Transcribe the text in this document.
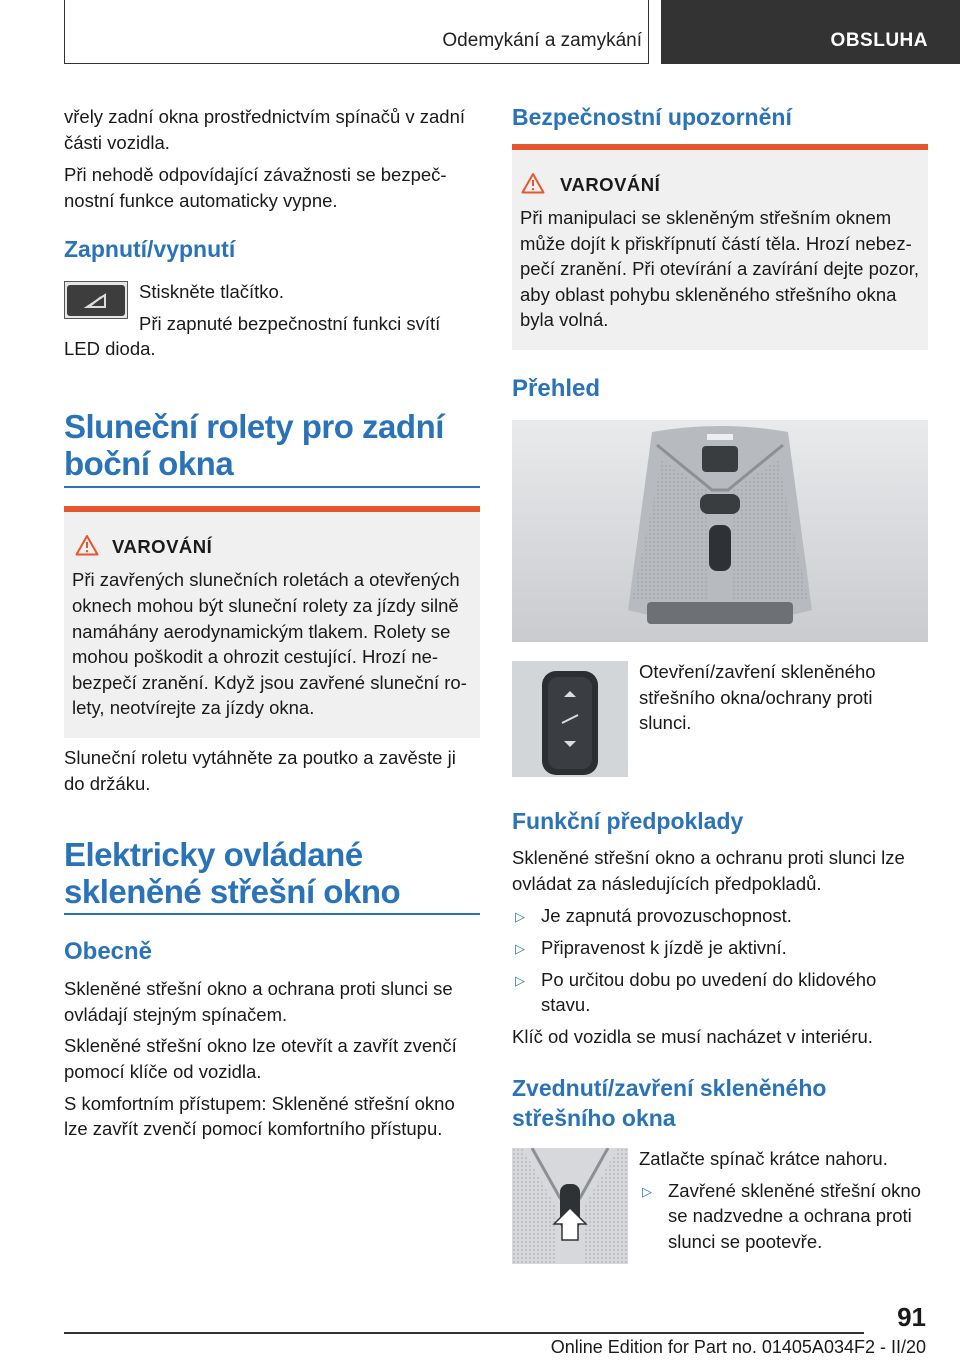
Odemykání a zamykání	OBSLUHA
vřely zadní okna prostřednictvím spínačů v zadní
části vozidla.
Při nehodě odpovídající závažnosti se bezpeč-
nostní funkce automaticky vypne.
Zapnutí/vypnutí
Stiskněte tlačítko.
Při zapnuté bezpečnostní funkci svítí
LED dioda.
Sluneční rolety pro zadní
boční okna
VAROVÁNÍ
Při zavřených slunečních roletách a otevřených
oknech mohou být sluneční rolety za jízdy silně
namáhány aerodynamickým tlakem. Rolety se
mohou poškodit a ohrozit cestující. Hrozí ne-
bezpečí zranění. Když jsou zavřené sluneční ro-
lety, neotvírejte za jízdy okna.
Sluneční roletu vytáhněte za poutko a zavěste ji
do držáku.
Elektricky ovládané
skleněné střešní okno
Obecně
Skleněné střešní okno a ochrana proti slunci se
ovládají stejným spínačem.
Skleněné střešní okno lze otevřít a zavřít zvenčí
pomocí klíče od vozidla.
S komfortním přístupem: Skleněné střešní okno
lze zavřít zvenčí pomocí komfortního přístupu.
Bezpečnostní upozornění
VAROVÁNÍ
Při manipulaci se skleněným střešním oknem
může dojít k přiskřípnutí částí těla. Hrozí nebez-
pečí zranění. Při otevírání a zavírání dejte pozor,
aby oblast pohybu skleněného střešního okna
byla volná.
Přehled
Otevření/zavření skleněného
střešního okna/ochrany proti
slunci.
Funkční předpoklady
Skleněné střešní okno a ochranu proti slunci lze
ovládat za následujících předpokladů.
▷ Je zapnutá provozuschopnost.
▷ Připravenost k jízdě je aktivní.
▷ Po určitou dobu po uvedení do klidového
stavu.
Klíč od vozidla se musí nacházet v interiéru.
Zvednutí/zavření skleněného
střešního okna
Zatlačte spínač krátce nahoru.
▷ Zavřené skleněné střešní okno
se nadzvedne a ochrana proti
slunci se pootevře.
91
Online Edition for Part no. 01405A034F2 - II/20
